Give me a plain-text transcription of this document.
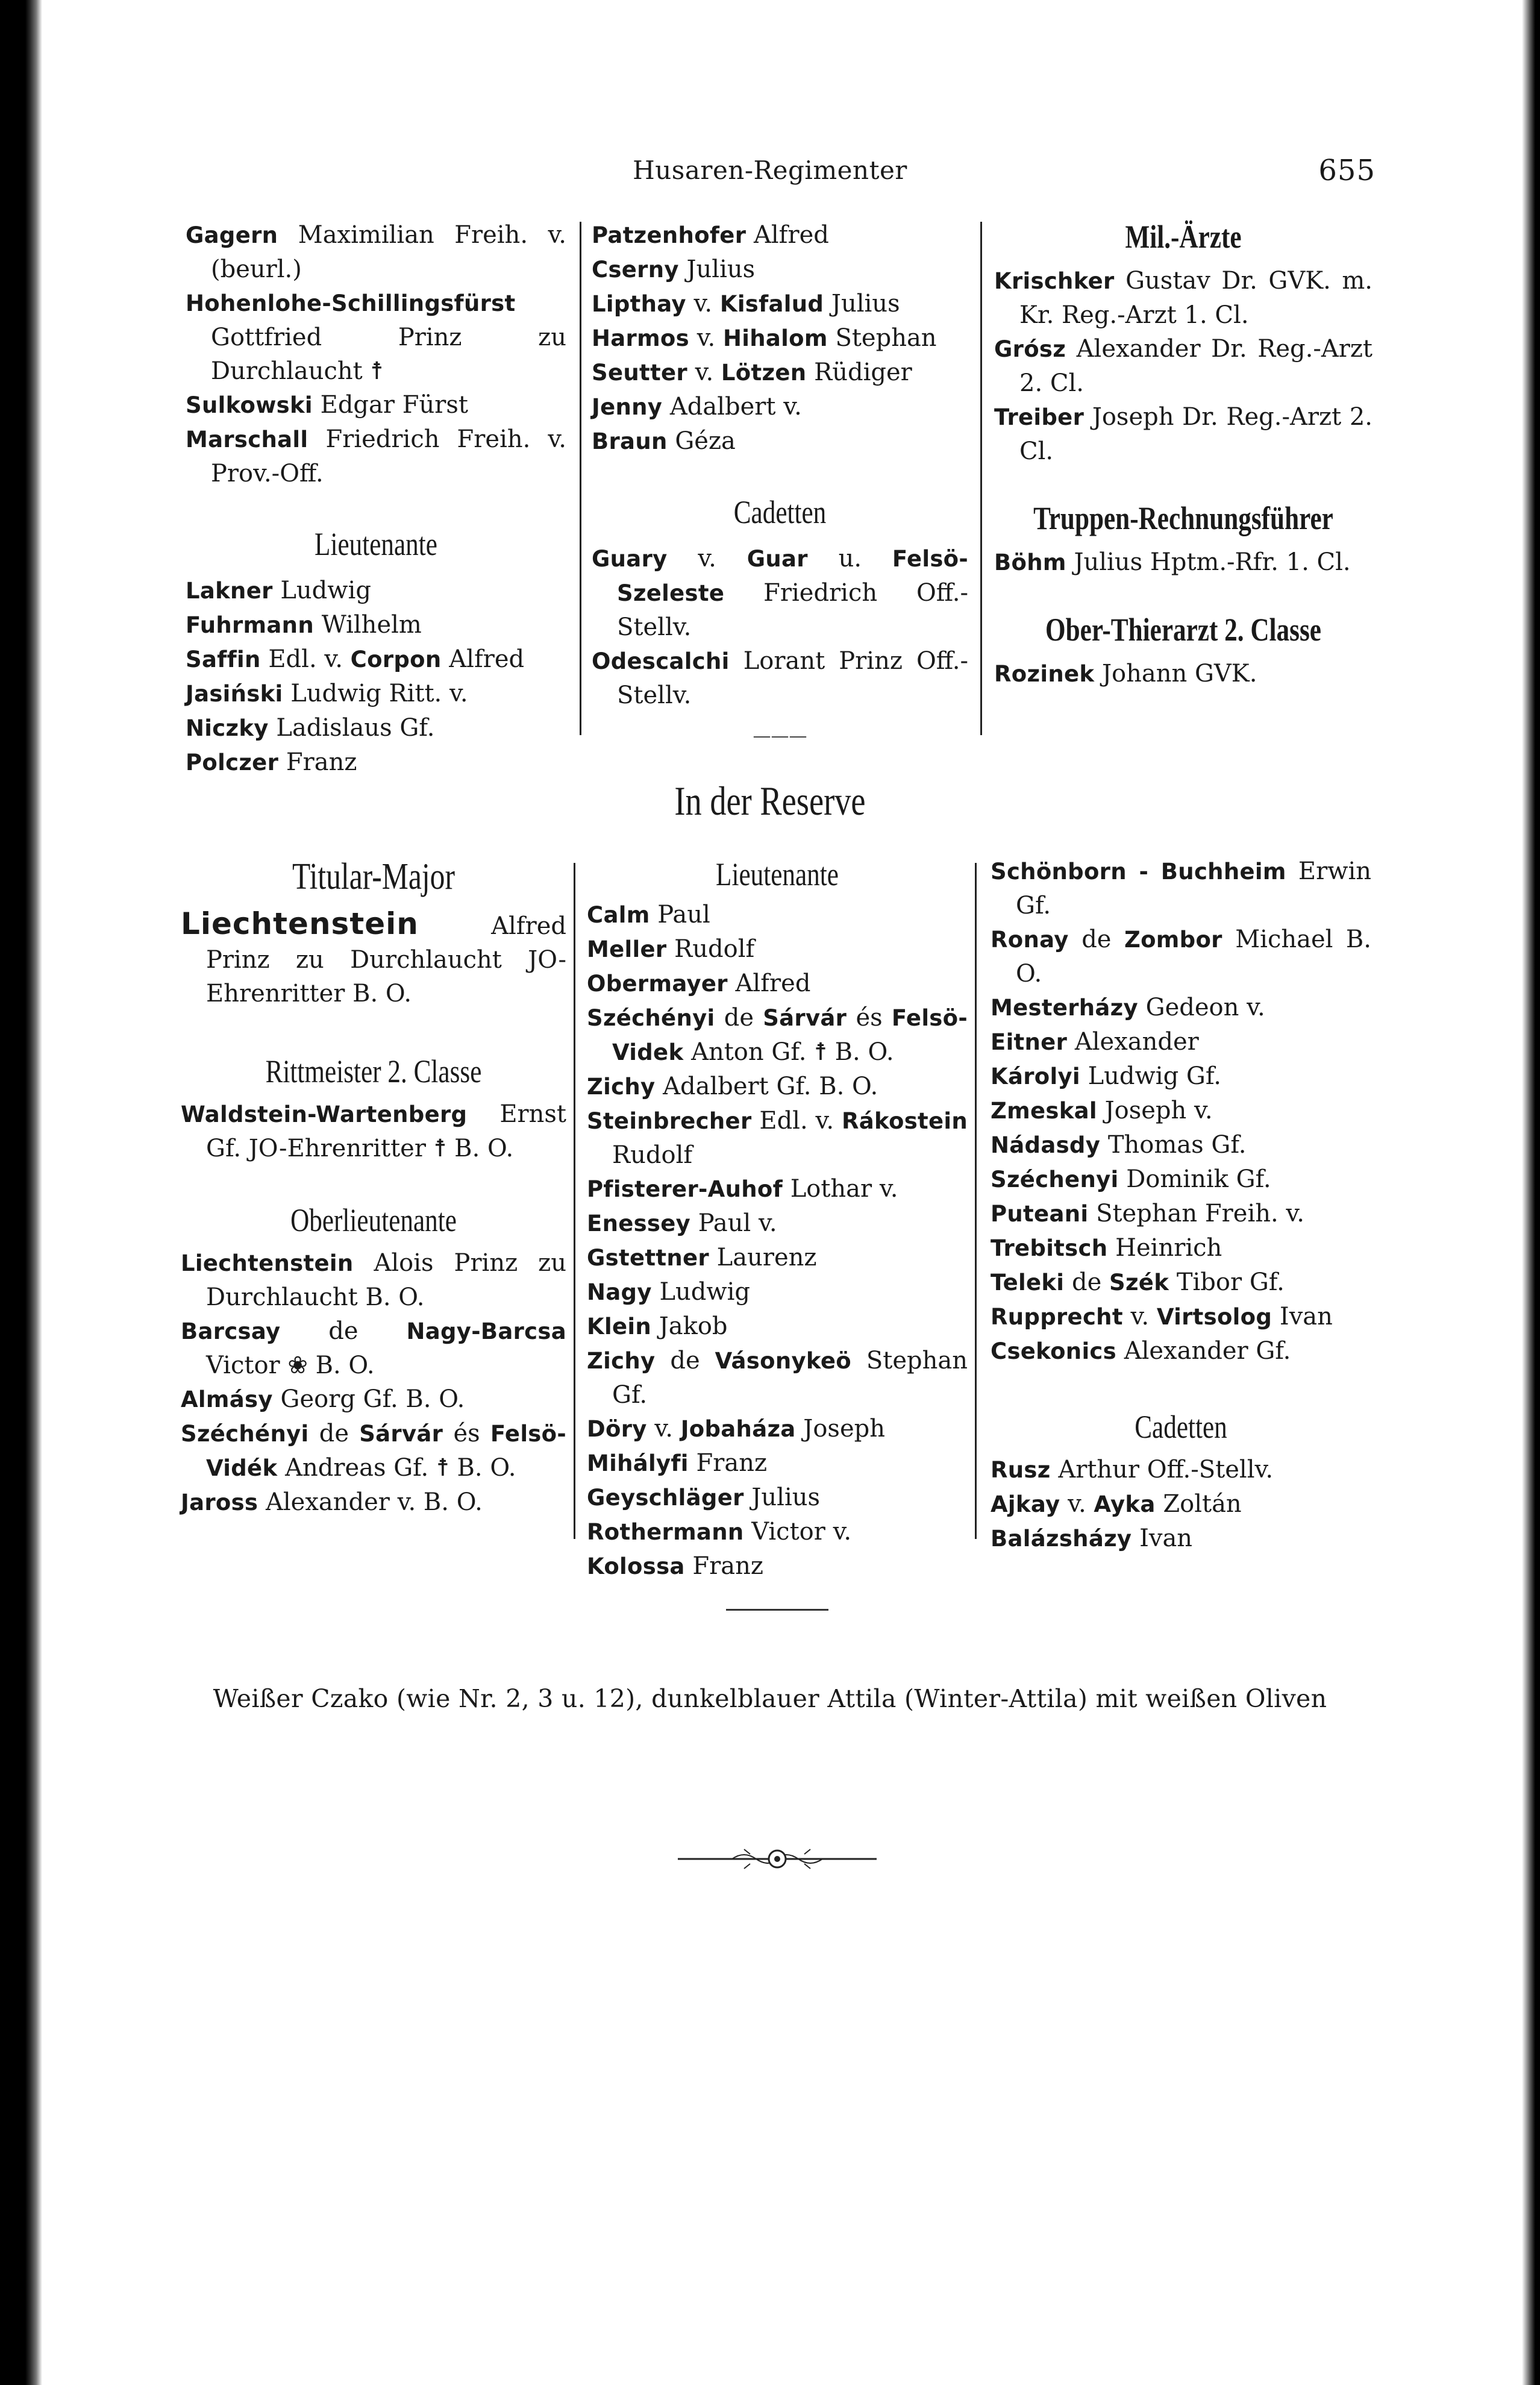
Husaren-Regimenter	655

Gagern Maximilian Freih. v. (beurl.)

Hohenlohe-Schillingsfürst Gottfried Prinz zu Durchlaucht ☨

Sulkowski Edgar Fürst

Marschall Friedrich Freih. v. Prov.-Off.

Lieutenante

Lakner Ludwig

Fuhrmann Wilhelm

Saffin Edl. v. Corpon Alfred

Jasiński Ludwig Ritt. v.

Niczky Ladislaus Gf.

Polczer Franz

Patzenhofer Alfred

Cserny Julius

Lipthay v. Kisfalud Julius

Harmos v. Hihalom Stephan

Seutter v. Lötzen Rüdiger

Jenny Adalbert v.

Braun Géza

Cadetten

Guary v. Guar u. Felsö-Szeleste Friedrich Off.-Stellv.

Odescalchi Lorant Prinz Off.-Stellv.

———
Mil.-Ärzte

Krischker Gustav Dr. GVK. m. Kr. Reg.-Arzt 1. Cl.

Grósz Alexander Dr. Reg.-Arzt 2. Cl.

Treiber Joseph Dr. Reg.-Arzt 2. Cl.

Truppen-Rechnungsführer

Böhm Julius Hptm.-Rfr. 1. Cl.

Ober-Thierarzt 2. Classe

Rozinek Johann GVK.

In der Reserve
Titular-Major

Liechtenstein	Alfred Prinz zu Durchlaucht JO-Ehrenritter B. O.

Rittmeister 2. Classe

Waldstein-Wartenberg Ernst Gf. JO-Ehrenritter ☨ B. O.

Oberlieutenante

Liechtenstein Alois Prinz zu Durchlaucht B. O.

Barcsay de Nagy-Barcsa Victor ❀ B. O.

Almásy Georg Gf. B. O.

Széchényi de Sárvár és Felsö-Vidék Andreas Gf. ☨ B. O.

Jaross Alexander v. B. O.

Lieutenante

Calm Paul

Meller Rudolf

Obermayer Alfred

Széchényi de Sárvár és Felsö-Videk Anton Gf. ☨ B. O.

Zichy Adalbert Gf. B. O.

Steinbrecher Edl. v. Rákostein Rudolf

Pfisterer-Auhof Lothar v.

Enessey Paul v.

Gstettner Laurenz

Nagy Ludwig

Klein Jakob

Zichy de Vásonykeö Stephan Gf.

Döry v. Jobaháza Joseph

Mihályfi Franz

Geyschläger Julius

Rothermann Victor v.

Kolossa Franz

Schönborn - Buchheim Erwin Gf.

Ronay de Zombor Michael B. O.

Mesterházy Gedeon v.

Eitner Alexander

Károlyi Ludwig Gf.

Zmeskal Joseph v.

Nádasdy Thomas Gf.

Széchenyi Dominik Gf.

Puteani Stephan Freih. v.

Trebitsch Heinrich

Teleki de Szék Tibor Gf.

Rupprecht v. Virtsolog Ivan

Csekonics Alexander Gf.

Cadetten

Rusz Arthur Off.-Stellv.

Ajkay v. Ayka Zoltán

Balázsházy Ivan

Weißer Czako (wie Nr. 2, 3 u. 12), dunkelblauer Attila (Winter-Attila) mit weißen Oliven
